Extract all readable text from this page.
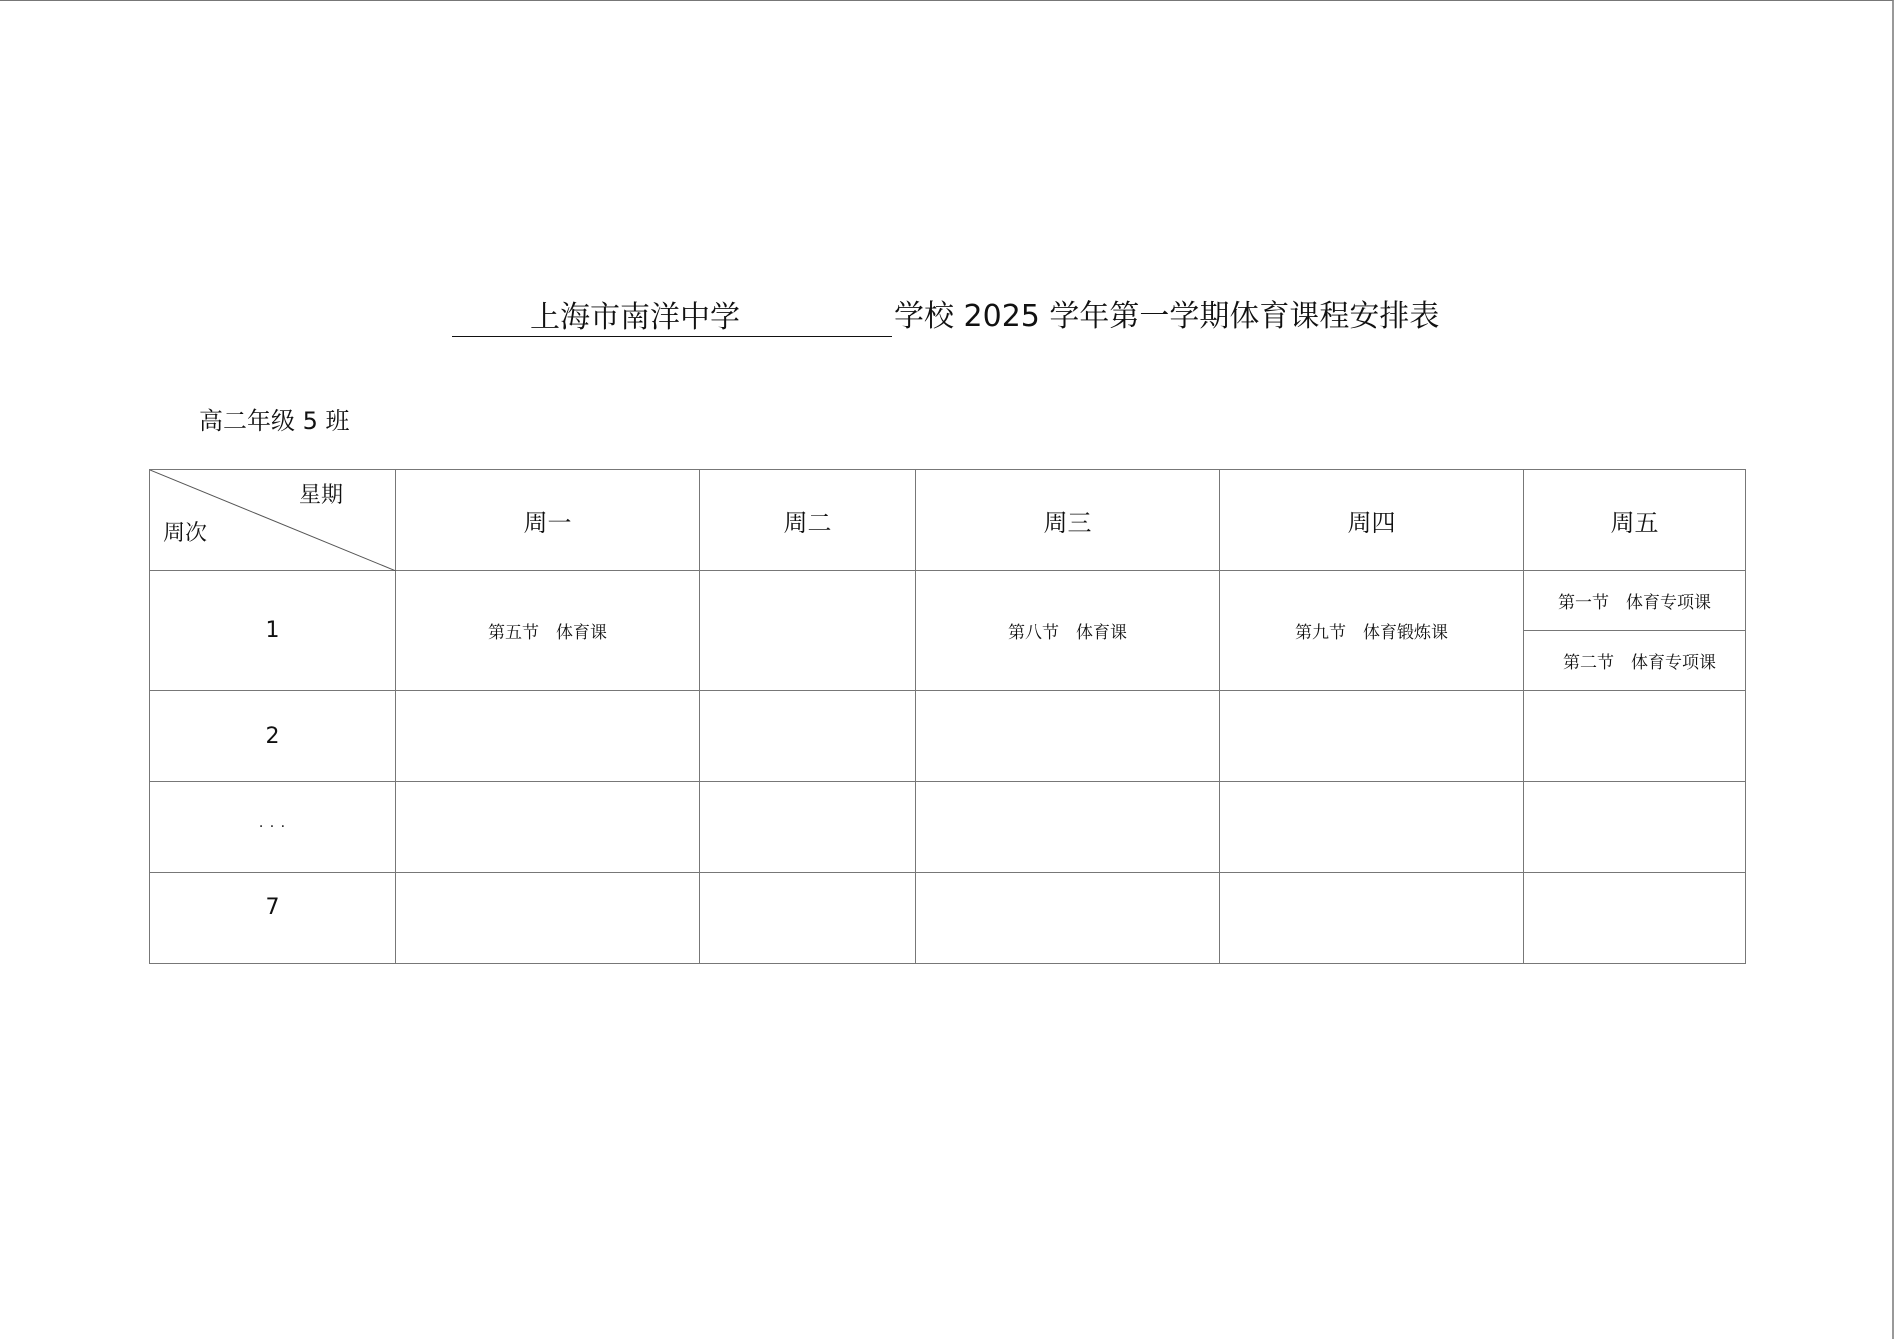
上海市南洋中学	学校 2025 学年第一学期体育课程安排表
高二年级 5 班
星期
周次	周一	周二	周三	周四	周五
1	第五节　体育课		第八节　体育课	第九节　体育锻炼课	第一节　体育专项课
第二节　体育专项课

2					
· · ·					
7					
